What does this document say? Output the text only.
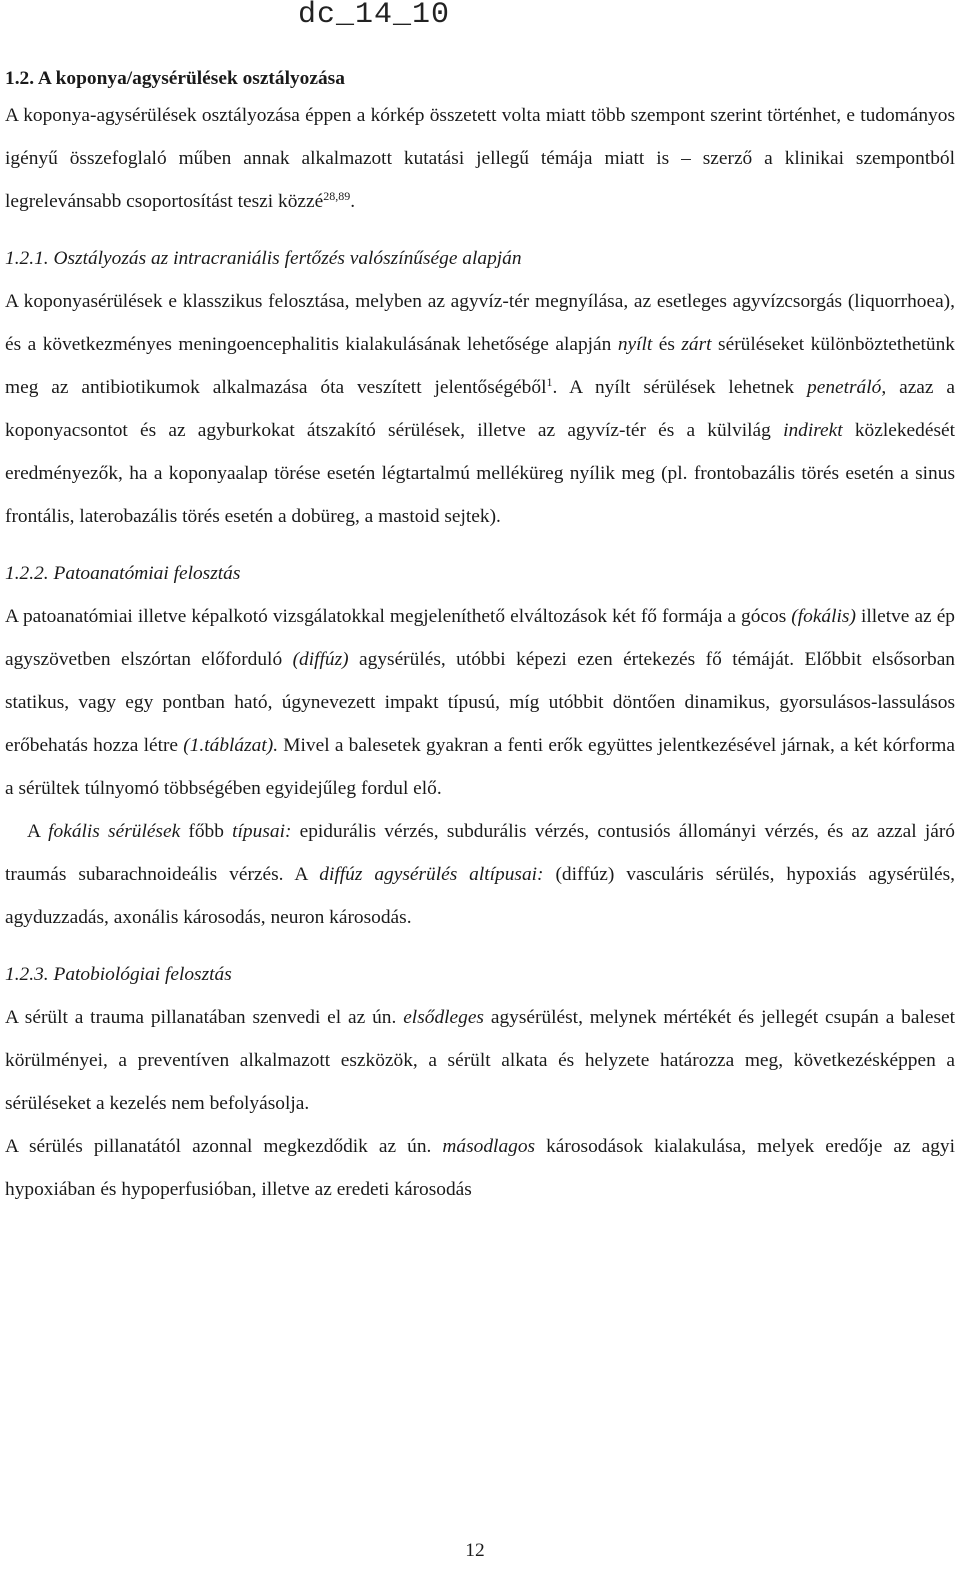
dc_14_10

1.2. A koponya/agysérülések osztályozása

A koponya-agysérülések osztályozása éppen a kórkép összetett volta miatt több szempont szerint történhet, e tudományos igényű összefoglaló műben annak alkalmazott kutatási jellegű témája miatt is – szerző a klinikai szempontból legrelevánsabb csoportosítást teszi közzé$^{28,89}$.

1.2.1. Osztályozás az intracraniális fertőzés valószínűsége alapján

A koponyasérülések e klasszikus felosztása, melyben az agyvíz-tér megnyílása, az esetleges agyvízcsorgás (liquorrhoea), és a következményes meningoencephalitis kialakulásának lehetősége alapján nyílt és zárt sérüléseket különböztethetünk meg az antibiotikumok alkalmazása óta veszített jelentőségéből$^1$. A nyílt sérülések lehetnek penetráló, azaz a koponyacsontot és az agyburkokat átszakító sérülések, illetve az agyvíz-tér és a külvilág indirekt közlekedését eredményezők, ha a koponyaalap törése esetén légtartalmú melléküreg nyílik meg (pl. frontobazális törés esetén a sinus frontális, laterobazális törés esetén a dobüreg, a mastoid sejtek).

1.2.2. Patoanatómiai felosztás

A patoanatómiai illetve képalkotó vizsgálatokkal megjeleníthető elváltozások két fő formája a gócos (fokális) illetve az ép agyszövetben elszórtan előforduló (diffúz) agysérülés, utóbbi képezi ezen értekezés fő témáját. Előbbit elsősorban statikus, vagy egy pontban ható, úgynevezett impakt típusú, míg utóbbit döntően dinamikus, gyorsulásos-lassulásos erőbehatás hozza létre (1.táblázat). Mivel a balesetek gyakran a fenti erők együttes jelentkezésével járnak, a két kórforma a sérültek túlnyomó többségében egyidejűleg fordul elő.

A fokális sérülések főbb típusai: epidurális vérzés, subdurális vérzés, contusiós állományi vérzés, és az azzal járó traumás subarachnoideális vérzés. A diffúz agysérülés altípusai: (diffúz) vasculáris sérülés, hypoxiás agysérülés, agyduzzadás, axonális károsodás, neuron károsodás.

1.2.3. Patobiológiai felosztás

A sérült a trauma pillanatában szenvedi el az ún. elsődleges agysérülést, melynek mértékét és jellegét csupán a baleset körülményei, a preventíven alkalmazott eszközök, a sérült alkata és helyzete határozza meg, következésképpen a sérüléseket a kezelés nem befolyásolja.

A sérülés pillanatától azonnal megkezdődik az ún. másodlagos károsodások kialakulása, melyek eredője az agyi hypoxiában és hypoperfusióban, illetve az eredeti károsodás

12
